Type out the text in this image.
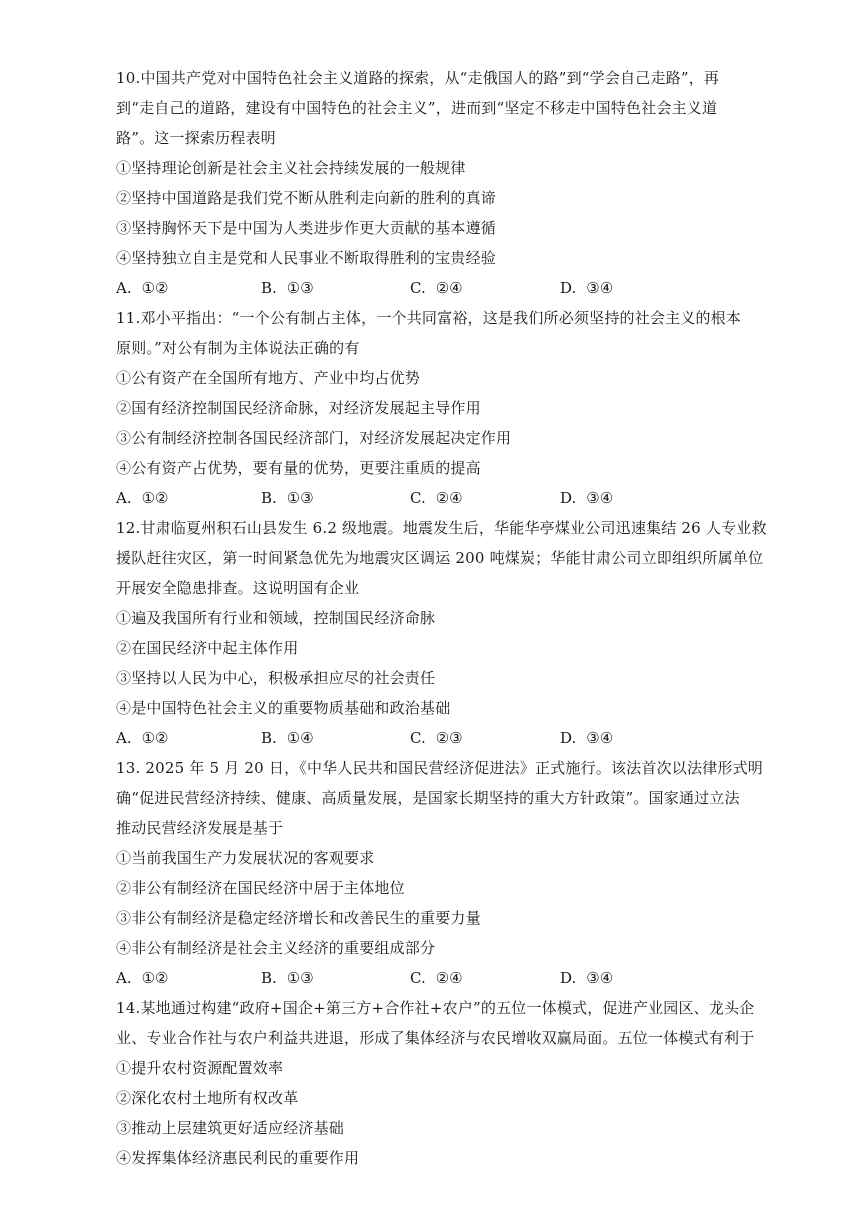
10.中国共产党对中国特色社会主义道路的探索，从“走俄国人的路”到“学会自己走路”，再
到“走自己的道路，建设有中国特色的社会主义”，进而到“坚定不移走中国特色社会主义道
路”。这一探索历程表明
①坚持理论创新是社会主义社会持续发展的一般规律
②坚持中国道路是我们党不断从胜利走向新的胜利的真谛
③坚持胸怀天下是中国为人类进步作更大贡献的基本遵循
④坚持独立自主是党和人民事业不断取得胜利的宝贵经验
A. ①②	B. ①③	C. ②④	D. ③④
11.邓小平指出：“一个公有制占主体，一个共同富裕，这是我们所必须坚持的社会主义的根本
原则。”对公有制为主体说法正确的有
①公有资产在全国所有地方、产业中均占优势
②国有经济控制国民经济命脉，对经济发展起主导作用
③公有制经济控制各国民经济部门，对经济发展起决定作用
④公有资产占优势，要有量的优势，更要注重质的提高
A. ①②	B. ①③	C. ②④	D. ③④
12.甘肃临夏州积石山县发生 6.2 级地震。地震发生后，华能华亭煤业公司迅速集结 26 人专业救
援队赶往灾区，第一时间紧急优先为地震灾区调运 200 吨煤炭；华能甘肃公司立即组织所属单位
开展安全隐患排查。这说明国有企业
①遍及我国所有行业和领域，控制国民经济命脉
②在国民经济中起主体作用
③坚持以人民为中心，积极承担应尽的社会责任
④是中国特色社会主义的重要物质基础和政治基础
A. ①②	B. ①④	C. ②③	D. ③④
13. 2025 年 5 月 20 日，《中华人民共和国民营经济促进法》正式施行。该法首次以法律形式明
确“促进民营经济持续、健康、高质量发展，是国家长期坚持的重大方针政策”。国家通过立法
推动民营经济发展是基于
①当前我国生产力发展状况的客观要求
②非公有制经济在国民经济中居于主体地位
③非公有制经济是稳定经济增长和改善民生的重要力量
④非公有制经济是社会主义经济的重要组成部分
A. ①②	B. ①③	C. ②④	D. ③④
14.某地通过构建“政府+国企+第三方+合作社+农户”的五位一体模式，促进产业园区、龙头企
业、专业合作社与农户利益共进退，形成了集体经济与农民增收双赢局面。五位一体模式有利于
①提升农村资源配置效率
②深化农村土地所有权改革
③推动上层建筑更好适应经济基础
④发挥集体经济惠民利民的重要作用
